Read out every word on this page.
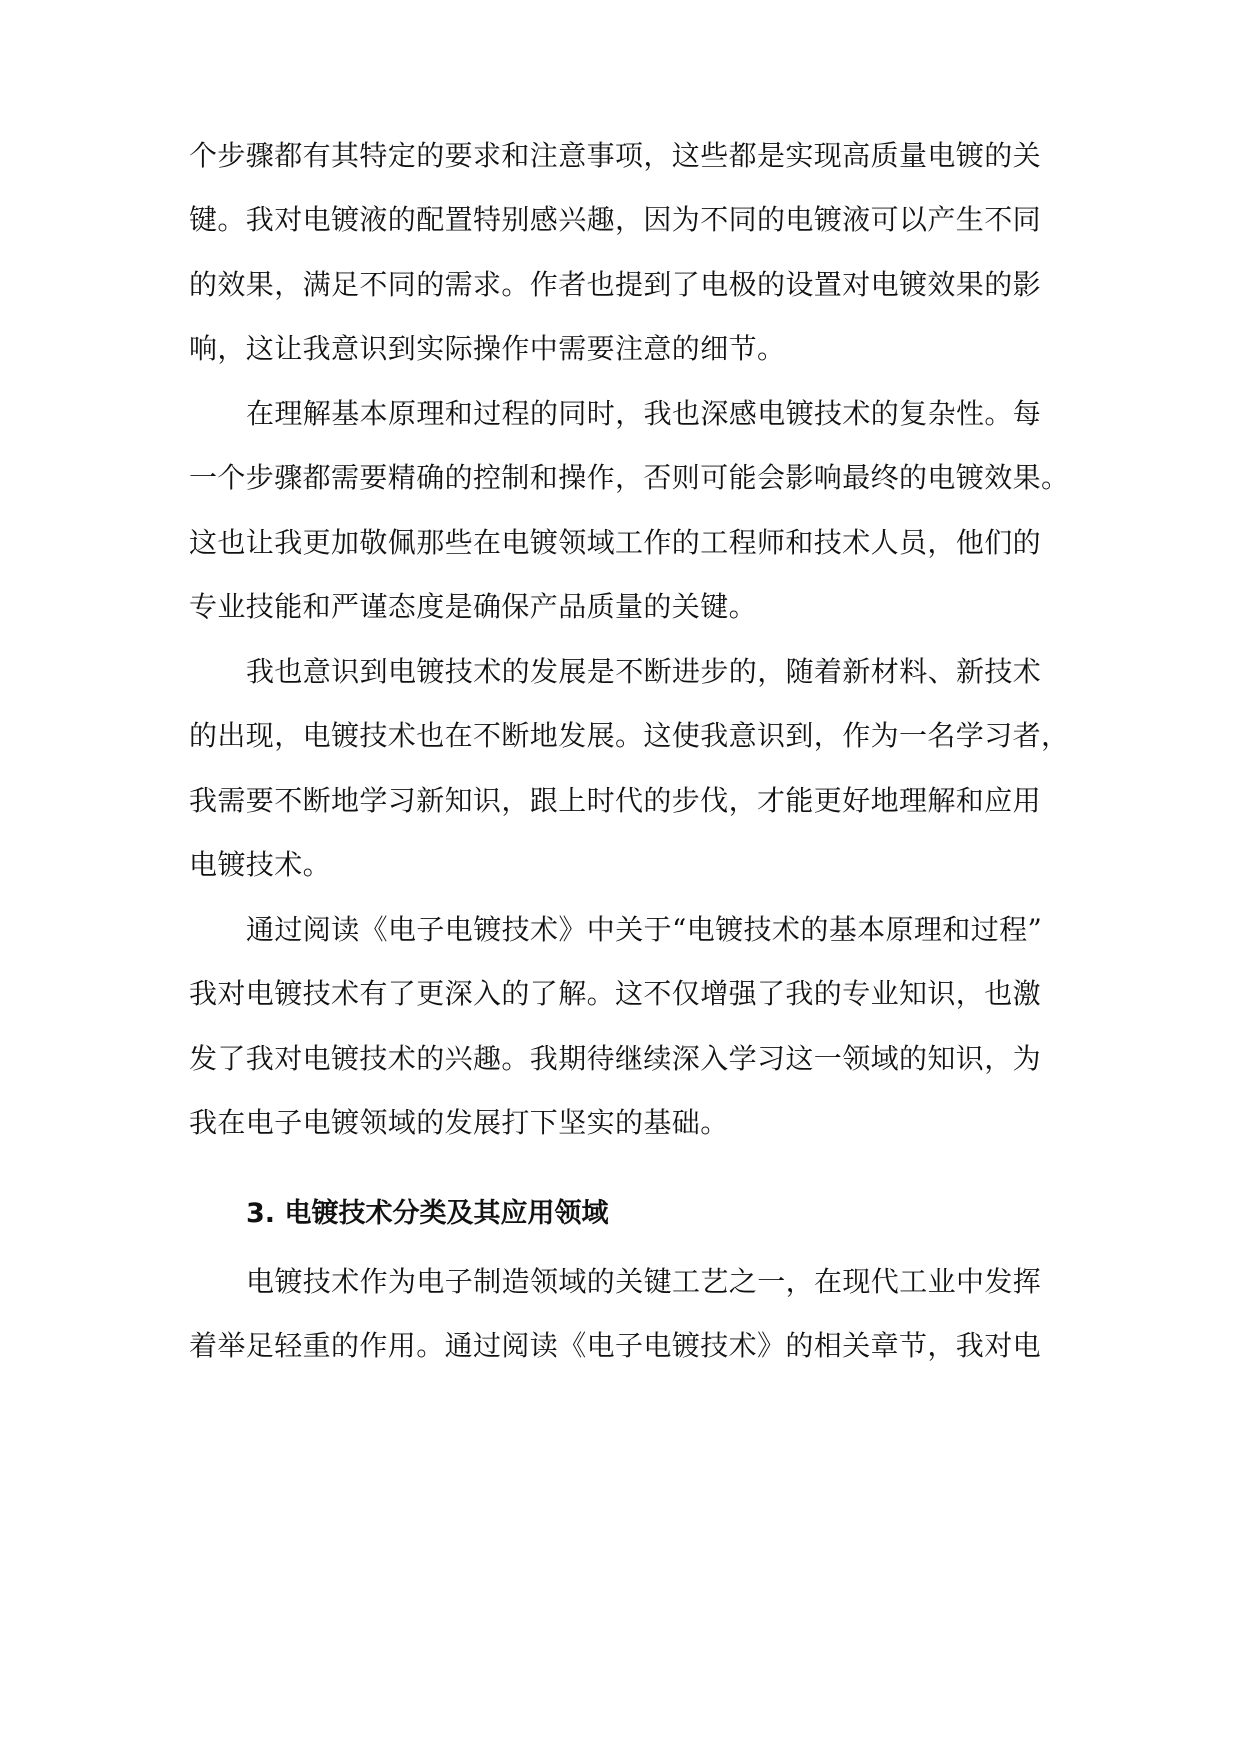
个步骤都有其特定的要求和注意事项，这些都是实现高质量电镀的关
键。我对电镀液的配置特别感兴趣，因为不同的电镀液可以产生不同
的效果，满足不同的需求。作者也提到了电极的设置对电镀效果的影
响，这让我意识到实际操作中需要注意的细节。
在理解基本原理和过程的同时，我也深感电镀技术的复杂性。每
一个步骤都需要精确的控制和操作，否则可能会影响最终的电镀效果。
这也让我更加敬佩那些在电镀领域工作的工程师和技术人员，他们的
专业技能和严谨态度是确保产品质量的关键。
我也意识到电镀技术的发展是不断进步的，随着新材料、新技术
的出现，电镀技术也在不断地发展。这使我意识到，作为一名学习者，
我需要不断地学习新知识，跟上时代的步伐，才能更好地理解和应用
电镀技术。
通过阅读《电子电镀技术》中关于“电镀技术的基本原理和过程”
我对电镀技术有了更深入的了解。这不仅增强了我的专业知识，也激
发了我对电镀技术的兴趣。我期待继续深入学习这一领域的知识，为
我在电子电镀领域的发展打下坚实的基础。
3. 电镀技术分类及其应用领域
电镀技术作为电子制造领域的关键工艺之一，在现代工业中发挥
着举足轻重的作用。通过阅读《电子电镀技术》的相关章节，我对电
